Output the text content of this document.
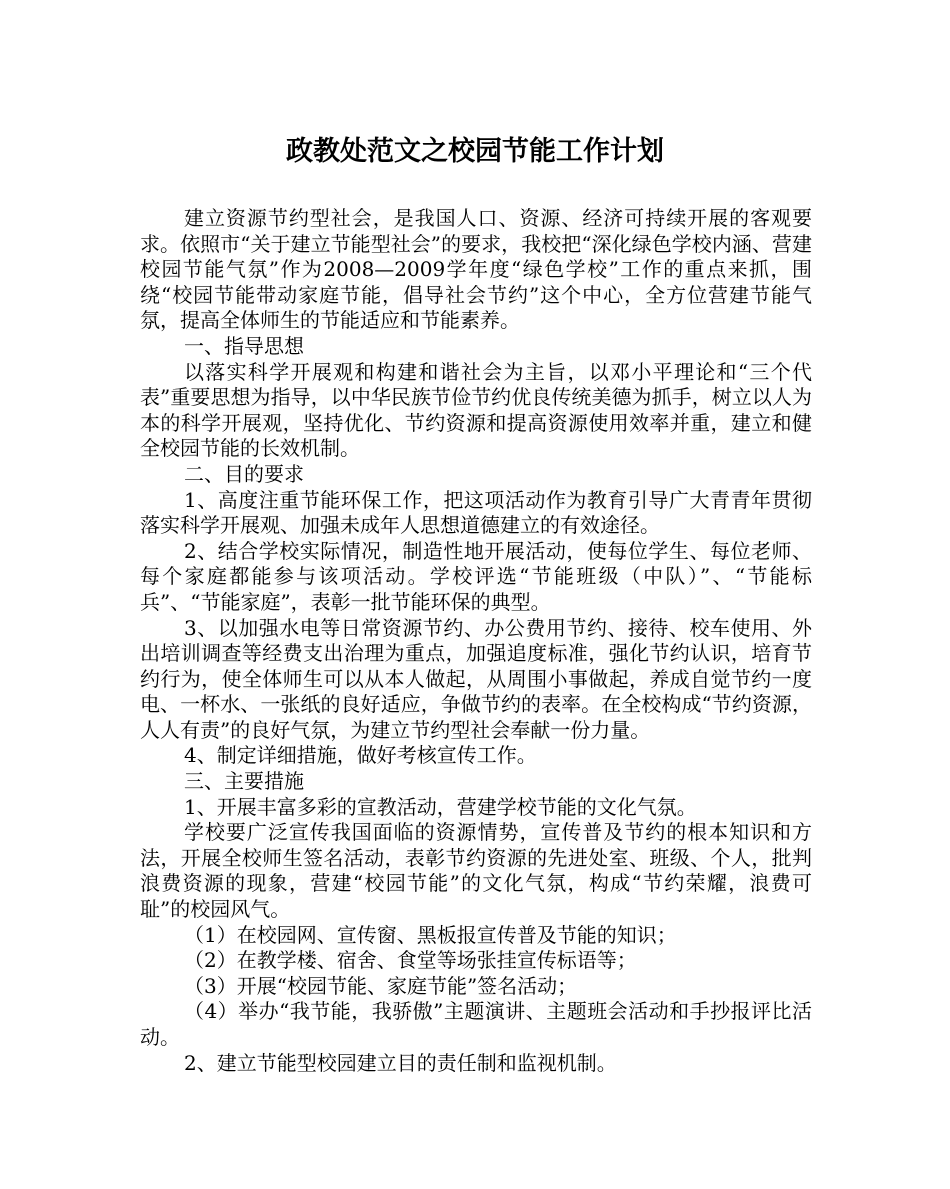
政教处范文之校园节能工作计划

建立资源节约型社会，是我国人口、资源、经济可持续开展的客观要求。依照市“关于建立节能型社会”的要求，我校把“深化绿色学校内涵、营建校园节能气氛”作为2008—2009学年度“绿色学校”工作的重点来抓，围绕“校园节能带动家庭节能，倡导社会节约”这个中心，全方位营建节能气氛，提高全体师生的节能适应和节能素养。

一、指导思想

以落实科学开展观和构建和谐社会为主旨，以邓小平理论和“三个代表”重要思想为指导，以中华民族节俭节约优良传统美德为抓手，树立以人为本的科学开展观，坚持优化、节约资源和提高资源使用效率并重，建立和健全校园节能的长效机制。

二、目的要求

1、高度注重节能环保工作，把这项活动作为教育引导广大青青年贯彻落实科学开展观、加强未成年人思想道德建立的有效途径。

2、结合学校实际情况，制造性地开展活动，使每位学生、每位老师、每个家庭都能参与该项活动。学校评选“节能班级（中队）”、“节能标兵”、“节能家庭”，表彰一批节能环保的典型。

3、以加强水电等日常资源节约、办公费用节约、接待、校车使用、外出培训调查等经费支出治理为重点，加强追度标准，强化节约认识，培育节约行为，使全体师生可以从本人做起，从周围小事做起，养成自觉节约一度电、一杯水、一张纸的良好适应，争做节约的表率。在全校构成“节约资源，人人有责”的良好气氛，为建立节约型社会奉献一份力量。

4、制定详细措施，做好考核宣传工作。

三、主要措施

1、开展丰富多彩的宣教活动，营建学校节能的文化气氛。

学校要广泛宣传我国面临的资源情势，宣传普及节约的根本知识和方法，开展全校师生签名活动，表彰节约资源的先进处室、班级、个人，批判浪费资源的现象，营建“校园节能”的文化气氛，构成“节约荣耀，浪费可耻”的校园风气。

（1）在校园网、宣传窗、黑板报宣传普及节能的知识；

（2）在教学楼、宿舍、食堂等场张挂宣传标语等；

（3）开展“校园节能、家庭节能”签名活动；

（4）举办“我节能，我骄傲”主题演讲、主题班会活动和手抄报评比活动。

2、建立节能型校园建立目的责任制和监视机制。
